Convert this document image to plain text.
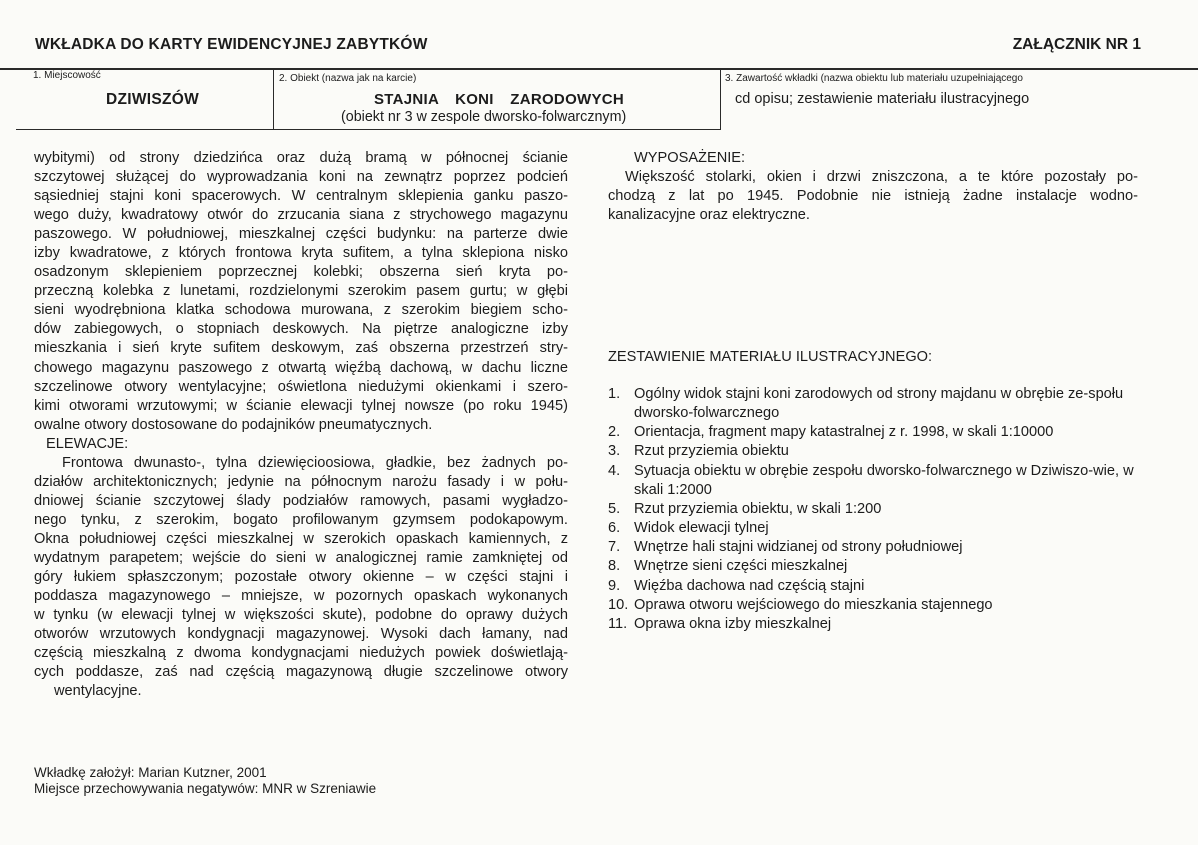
WKŁADKA DO KARTY EWIDENCYJNEJ ZABYTKÓW	ZAŁĄCZNIK NR 1
1. Miejscowość
DZIWISZÓW
2. Obiekt (nazwa jak na karcie)
STAJNIA KONI ZARODOWYCH
(obiekt nr 3 w zespole dworsko-folwarcznym)
3. Zawartość wkładki (nazwa obiektu lub materiału uzupełniającego
cd opisu; zestawienie materiału ilustracyjnego
wybitymi) od strony dziedzińca oraz dużą bramą w północnej ścianie
szczytowej służącej do wyprowadzania koni na zewnątrz poprzez podcień
sąsiedniej stajni koni spacerowych. W centralnym sklepienia ganku paszo-
wego duży, kwadratowy otwór do zrzucania siana z strychowego magazynu
paszowego. W południowej, mieszkalnej części budynku: na parterze dwie
izby kwadratowe, z których frontowa kryta sufitem, a tylna sklepiona nisko
osadzonym sklepieniem poprzecznej kolebki; obszerna sień kryta po-
przeczną kolebka z lunetami, rozdzielonymi szerokim pasem gurtu; w głębi
sieni wyodrębniona klatka schodowa murowana, z szerokim biegiem scho-
dów zabiegowych, o stopniach deskowych. Na piętrze analogiczne izby
mieszkania i sień kryte sufitem deskowym, zaś obszerna przestrzeń stry-
chowego magazynu paszowego z otwartą więźbą dachową, w dachu liczne
szczelinowe otwory wentylacyjne; oświetlona niedużymi okienkami i szero-
kimi otworami wrzutowymi; w ścianie elewacji tylnej nowsze (po roku 1945)
owalne otwory dostosowane do podajników pneumatycznych.
ELEWACJE:
Frontowa dwunasto-, tylna dziewięcioosiowa, gładkie, bez żadnych po-
działów architektonicznych; jedynie na północnym narożu fasady i w połu-
dniowej ścianie szczytowej ślady podziałów ramowych, pasami wygładzo-
nego tynku, z szerokim, bogato profilowanym gzymsem podokapowym.
Okna południowej części mieszkalnej w szerokich opaskach kamiennych, z
wydatnym parapetem; wejście do sieni w analogicznej ramie zamkniętej od
góry łukiem spłaszczonym; pozostałe otwory okienne – w części stajni i
poddasza magazynowego – mniejsze, w pozornych opaskach wykonanych
w tynku (w elewacji tylnej w większości skute), podobne do oprawy dużych
otworów wrzutowych kondygnacji magazynowej. Wysoki dach łamany, nad
częścią mieszkalną z dwoma kondygnacjami niedużych powiek doświetlają-
cych poddasze, zaś nad częścią magazynową długie szczelinowe otwory
wentylacyjne.
WYPOSAŻENIE:
Większość stolarki, okien i drzwi zniszczona, a te które pozostały po-
chodzą z lat po 1945. Podobnie nie istnieją żadne instalacje wodno-
kanalizacyjne oraz elektryczne.
ZESTAWIENIE MATERIAŁU ILUSTRACYJNEGO:
1. Ogólny widok stajni koni zarodowych od strony majdanu w obrębie ze-społu dworsko-folwarcznego
2. Orientacja, fragment mapy katastralnej z r. 1998, w skali 1:10000
3. Rzut przyziemia obiektu
4. Sytuacja obiektu w obrębie zespołu dworsko-folwarcznego w Dziwiszo-wie, w skali 1:2000
5. Rzut przyziemia obiektu, w skali 1:200
6. Widok elewacji tylnej
7. Wnętrze hali stajni widzianej od strony południowej
8. Wnętrze sieni części mieszkalnej
9. Więźba dachowa nad częścią stajni
10. Oprawa otworu wejściowego do mieszkania stajennego
11. Oprawa okna izby mieszkalnej
Wkładkę założył: Marian Kutzner, 2001
Miejsce przechowywania negatywów: MNR w Szreniawie
